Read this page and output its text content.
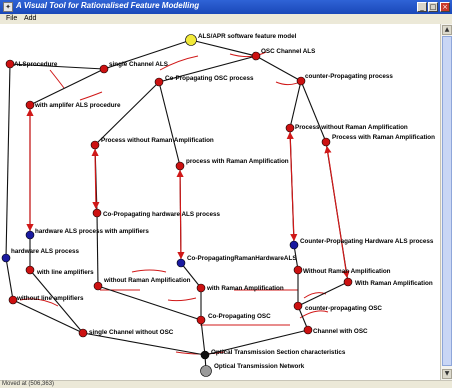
✦ A Visual Tool for Rationalised Feature Modelling	_ □ ×
File Add
ALS/APR software feature model
OSC Channel ALS
single Channel ALS
ALSprocedure
Co-Propagating OSC process	counter-Propagating process
with amplifer ALS procedure
Process without Raman Amplification
Process without Raman Amplification
Process with Raman Amplification
process with Raman Amplification
Co-Propagating hardware ALS process
hardware ALS process with amplifiers
hardware ALS process
Co-PropagatingRamanHardwareALS
Counter-Propagating Hardware ALS process
with line amplifiers
without Raman Amplification
Without Raman Amplification
with Raman Amplification
With Raman Amplification
without line amplifiers
Co-Propagating OSC
counter-propagating OSC
single Channel without OSC	Channel with OSC
Optical Transmission Section characteristics
Optical Transmission Network
▲
▼
Moved at (506,363)
